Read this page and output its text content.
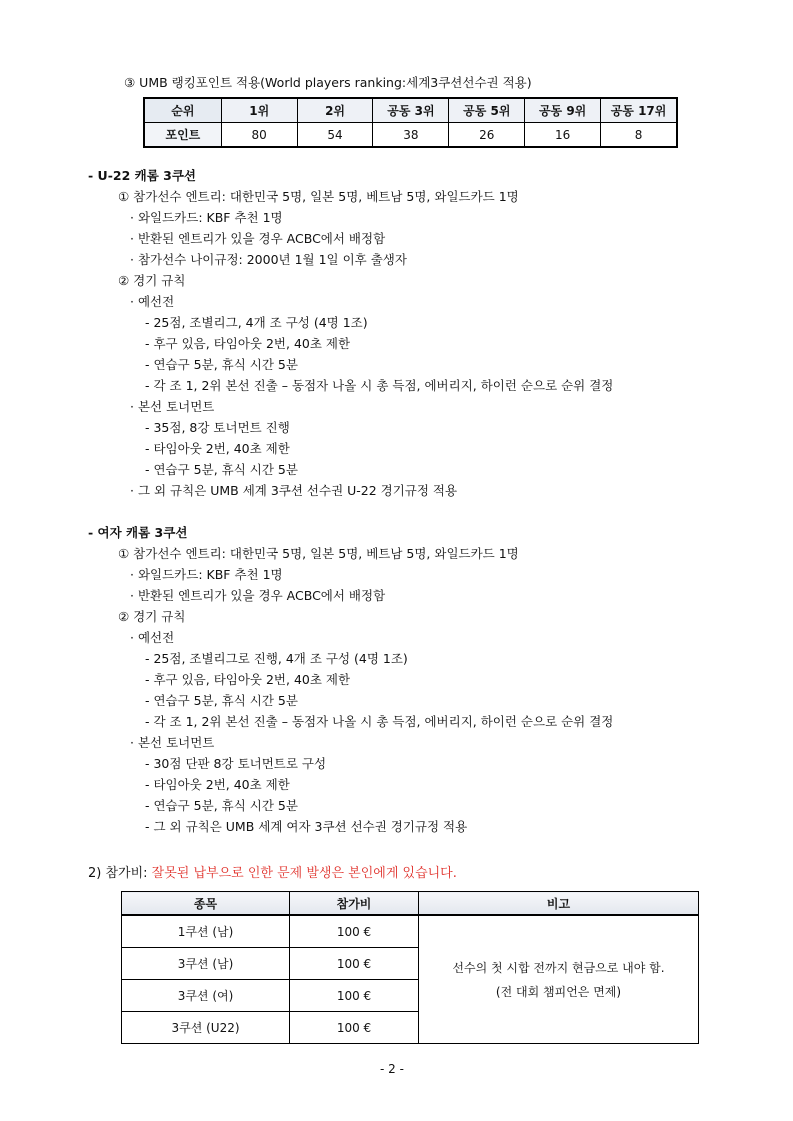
③ UMB 랭킹포인트 적용(World players ranking:세계3쿠션선수권 적용)
순위	1위	2위	공동 3위	공동 5위	공동 9위	공동 17위
포인트	80	54	38	26	16	8
- U-22 캐롬 3쿠션
① 참가선수 엔트리: 대한민국 5명, 일본 5명, 베트남 5명, 와일드카드 1명
· 와일드카드: KBF 추천 1명
· 반환된 엔트리가 있을 경우 ACBC에서 배정함
· 참가선수 나이규정: 2000년 1월 1일 이후 출생자
② 경기 규칙
· 예선전
- 25점, 조별리그, 4개 조 구성 (4명 1조)
- 후구 있음, 타임아웃 2번, 40초 제한
- 연습구 5분, 휴식 시간 5분
- 각 조 1, 2위 본선 진출 – 동점자 나올 시 총 득점, 에버리지, 하이런 순으로 순위 결정
· 본선 토너먼트
- 35점, 8강 토너먼트 진행
- 타임아웃 2번, 40초 제한
- 연습구 5분, 휴식 시간 5분
· 그 외 규칙은 UMB 세계 3쿠션 선수권 U-22 경기규정 적용
- 여자 캐롬 3쿠션
① 참가선수 엔트리: 대한민국 5명, 일본 5명, 베트남 5명, 와일드카드 1명
· 와일드카드: KBF 추천 1명
· 반환된 엔트리가 있을 경우 ACBC에서 배정함
② 경기 규칙
· 예선전
- 25점, 조별리그로 진행, 4개 조 구성 (4명 1조)
- 후구 있음, 타임아웃 2번, 40초 제한
- 연습구 5분, 휴식 시간 5분
- 각 조 1, 2위 본선 진출 – 동점자 나올 시 총 득점, 에버리지, 하이런 순으로 순위 결정
· 본선 토너먼트
- 30점 단판 8강 토너먼트로 구성
- 타임아웃 2번, 40초 제한
- 연습구 5분, 휴식 시간 5분
- 그 외 규칙은 UMB 세계 여자 3쿠션 선수권 경기규정 적용
2) 참가비: 잘못된 납부으로 인한 문제 발생은 본인에게 있습니다.
종목	참가비	비고
1쿠션 (남)	100 €	선수의 첫 시합 전까지 현금으로 내야 함.
(전 대회 챔피언은 면제)

3쿠션 (남)	100 €	
3쿠션 (여)	100 €	
3쿠션 (U22)	100 €	
- 2 -
